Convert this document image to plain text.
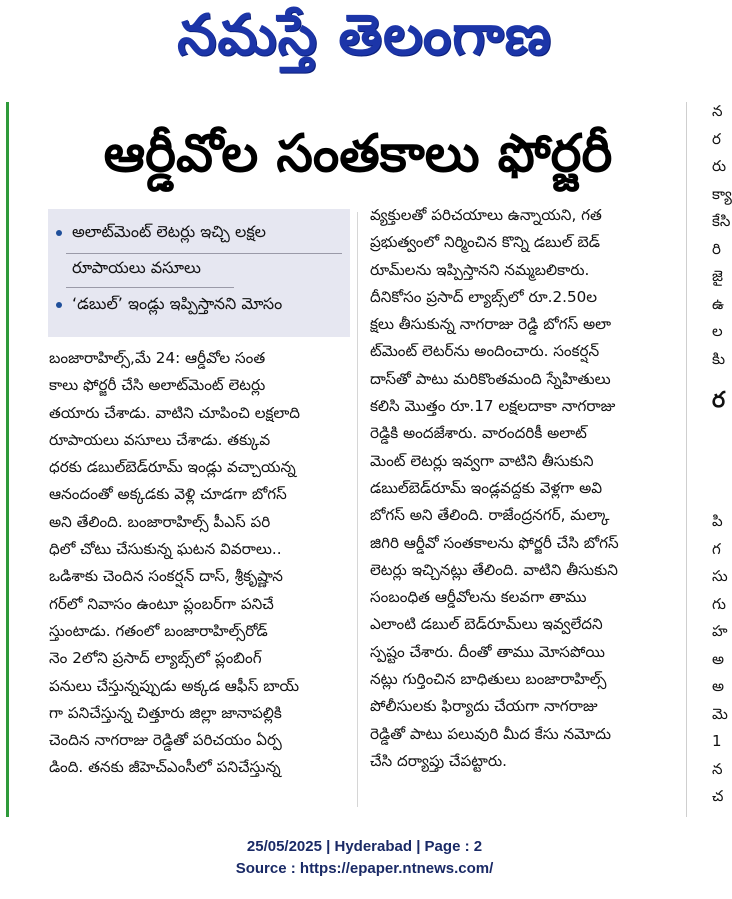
నమస్తే తెలంగాణ
ఆర్డీవోల సంతకాలు ఫోర్జరీ
అలాట్‌మెంట్ లెటర్లు ఇచ్చి లక్షల
రూపాయలు వసూలు
‘డబుల్’ ఇండ్లు ఇప్పిస్తానని మోసం
బంజారాహిల్స్,మే 24: ఆర్డీవోల సంత
కాలు ఫోర్జరీ చేసి అలాట్‌మెంట్ లెటర్లు
తయారు చేశాడు. వాటిని చూపించి లక్షలాది
రూపాయలు వసూలు చేశాడు. తక్కువ
ధరకు డబుల్‌బెడ్‌రూమ్ ఇండ్లు వచ్చాయన్న
ఆనందంతో అక్కడకు వెళ్లి చూడగా బోగస్
అని తేలింది. బంజారాహిల్స్ పీఎస్ పరి
ధిలో చోటు చేసుకున్న ఘటన వివరాలు..
ఒడిశాకు చెందిన సంకర్షన్ దాస్, శ్రీకృష్ణాన
గర్‌లో నివాసం ఉంటూ ప్లంబర్‌గా పనిచే
స్తుంటాడు. గతంలో బంజారాహిల్స్‌రోడ్
నెం 2లోని ప్రసాద్ ల్యాబ్స్‌లో ప్లంబింగ్
పనులు చేస్తున్నప్పుడు అక్కడ ఆఫీస్ బాయ్
గా పనిచేస్తున్న చిత్తూరు జిల్లా జానాపల్లికి
చెందిన నాగరాజు రెడ్డితో పరిచయం ఏర్ప
డింది. తనకు జీహెచ్‌ఎంసీలో పనిచేస్తున్న
వ్యక్తులతో పరిచయాలు ఉన్నాయని, గత
ప్రభుత్వంలో నిర్మించిన కొన్ని డబుల్ బెడ్
రూమ్‌లను ఇప్పిస్తానని నమ్మబలికారు.
దీనికోసం ప్రసాద్ ల్యాబ్స్‌లో రూ.2.50ల
క్షలు తీసుకున్న నాగరాజు రెడ్డి బోగస్ అలా
ట్‌మెంట్ లెటర్‌ను అందించారు. సంకర్షన్
దాస్‌తో పాటు మరికొంతమంది స్నేహితులు
కలిసి మొత్తం రూ.17 లక్షలదాకా నాగరాజు
రెడ్డికి అందజేశారు. వారందరికీ అలాట్
మెంట్ లెటర్లు ఇవ్వగా వాటిని తీసుకుని
డబుల్‌బెడ్‌రూమ్ ఇండ్లవద్దకు వెళ్లగా అవి
బోగస్ అని తేలింది. రాజేంద్రనగర్, మల్కా
జిగిరి ఆర్డీవో సంతకాలను ఫోర్జరీ చేసి బోగస్
లెటర్లు ఇచ్చినట్లు తేలింది. వాటిని తీసుకుని
సంబంధిత ఆర్డీవోలను కలవగా తాము
ఎలాంటి డబుల్ బెడ్‌రూమ్‌లు ఇవ్వలేదని
స్పష్టం చేశారు. దీంతో తాము మోసపోయి
నట్లు గుర్తించిన బాధితులు బంజారాహిల్స్
పోలీసులకు ఫిర్యాదు చేయగా నాగరాజు
రెడ్డితో పాటు పలువురి మీద కేసు నమోదు
చేసి దర్యాప్తు చేపట్టారు.
న
ర
రు
క్యా
కేసి
రి
జై
ఉ
ల
కిు
ర
పి
గ
సు
గు
హ
అ
అ
మె
1
న
చ
25/05/2025 | Hyderabad | Page : 2
Source : https://epaper.ntnews.com/
